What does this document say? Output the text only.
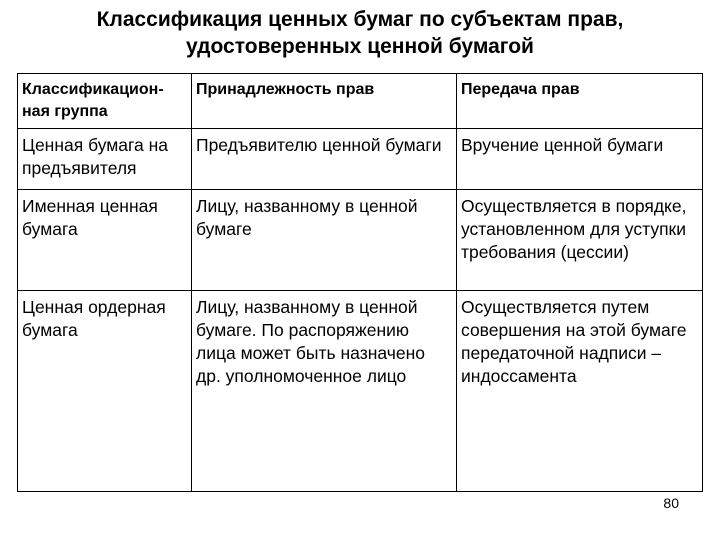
Классификация ценных бумаг по субъектам прав,
удостоверенных ценной бумагой
Классификацион-ная группа	Принадлежность прав	Передача прав
Ценная бумага на предъявителя	Предъявителю ценной бумаги	Вручение ценной бумаги
Именная ценная бумага	Лицу, названному в ценной бумаге	Осуществляется в порядке, установленном для уступки требования (цессии)
Ценная ордерная бумага	Лицу, названному в ценной бумаге. По распоряжению лица может быть назначено др. уполномоченное лицо	Осуществляется путем совершения на этой бумаге передаточной надписи – индоссамента
80
